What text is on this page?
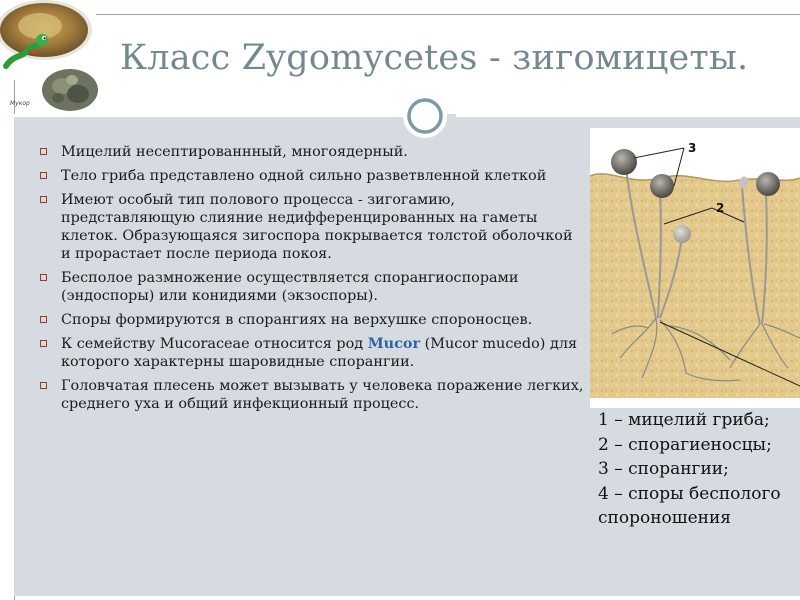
Мукор
Класс Zygomycetes - зигомицеты.
Мицелий несептированнный, многоядерный.
Тело гриба представлено одной сильно разветвленной клеткой
Имеют особый тип полового процесса - зигогамию, представляющую слияние недифференцированных на гаметы клеток. Образующаяся зигоспора покрывается толстой оболочкой и прорастает после периода покоя.
Бесполое размножение осуществляется спорангиоспорами (эндоспоры) или конидиями (экзоспоры).
Споры формируются в спорангиях на верхушке спороносцев.
К семейству Mucoraceae относится род Mucor (Mucor mucedo) для которого характерны шаровидные спорангии.
Головчатая плесень может вызывать у человека поражение легких, среднего уха и общий инфекционный процесс.
3
2
1 – мицелий гриба;
2 – спорагиеносцы;
3 – спорангии;
4 – споры бесполого
спороношения
